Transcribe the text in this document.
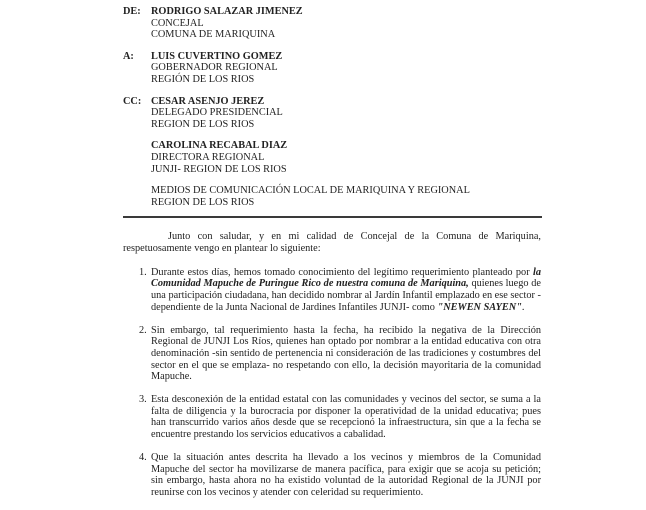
DE: RODRIGO SALAZAR JIMENEZ
CONCEJAL
COMUNA DE MARIQUINA
A: LUIS CUVERTINO GOMEZ
GOBERNADOR REGIONAL
REGIÓN DE LOS RIOS
CC: CESAR ASENJO JEREZ
DELEGADO PRESIDENCIAL
REGION DE LOS RIOS
CAROLINA RECABAL DIAZ
DIRECTORA REGIONAL
JUNJI- REGION DE LOS RIOS
MEDIOS DE COMUNICACIÓN LOCAL DE MARIQUINA Y REGIONAL
REGION DE LOS RIOS

Junto con saludar, y en mi calidad de Concejal de la Comuna de Mariquina, respetuosamente vengo en plantear lo siguiente:

1. Durante estos días, hemos tomado conocimiento del legítimo requerimiento planteado por la Comunidad Mapuche de Puringue Rico de nuestra comuna de Mariquina, quienes luego de una participación ciudadana, han decidido nombrar al Jardín Infantil emplazado en ese sector -dependiente de la Junta Nacional de Jardines Infantiles JUNJI- como "NEWEN SAYEN".
2. Sin embargo, tal requerimiento hasta la fecha, ha recibido la negativa de la Dirección Regional de JUNJI Los Ríos, quienes han optado por nombrar a la entidad educativa con otra denominación -sin sentido de pertenencia ni consideración de las tradiciones y costumbres del sector en el que se emplaza- no respetando con ello, la decisión mayoritaria de la comunidad Mapuche.
3. Esta desconexión de la entidad estatal con las comunidades y vecinos del sector, se suma a la falta de diligencia y la burocracia por disponer la operatividad de la unidad educativa; pues han transcurrido varios años desde que se recepcionó la infraestructura, sin que a la fecha se encuentre prestando los servicios educativos a cabalidad.
4. Que la situación antes descrita ha llevado a los vecinos y miembros de la Comunidad Mapuche del sector ha movilizarse de manera pacífica, para exigir que se acoja su petición; sin embargo, hasta ahora no ha existido voluntad de la autoridad Regional de la JUNJI por reunirse con los vecinos y atender con celeridad su requerimiento.
